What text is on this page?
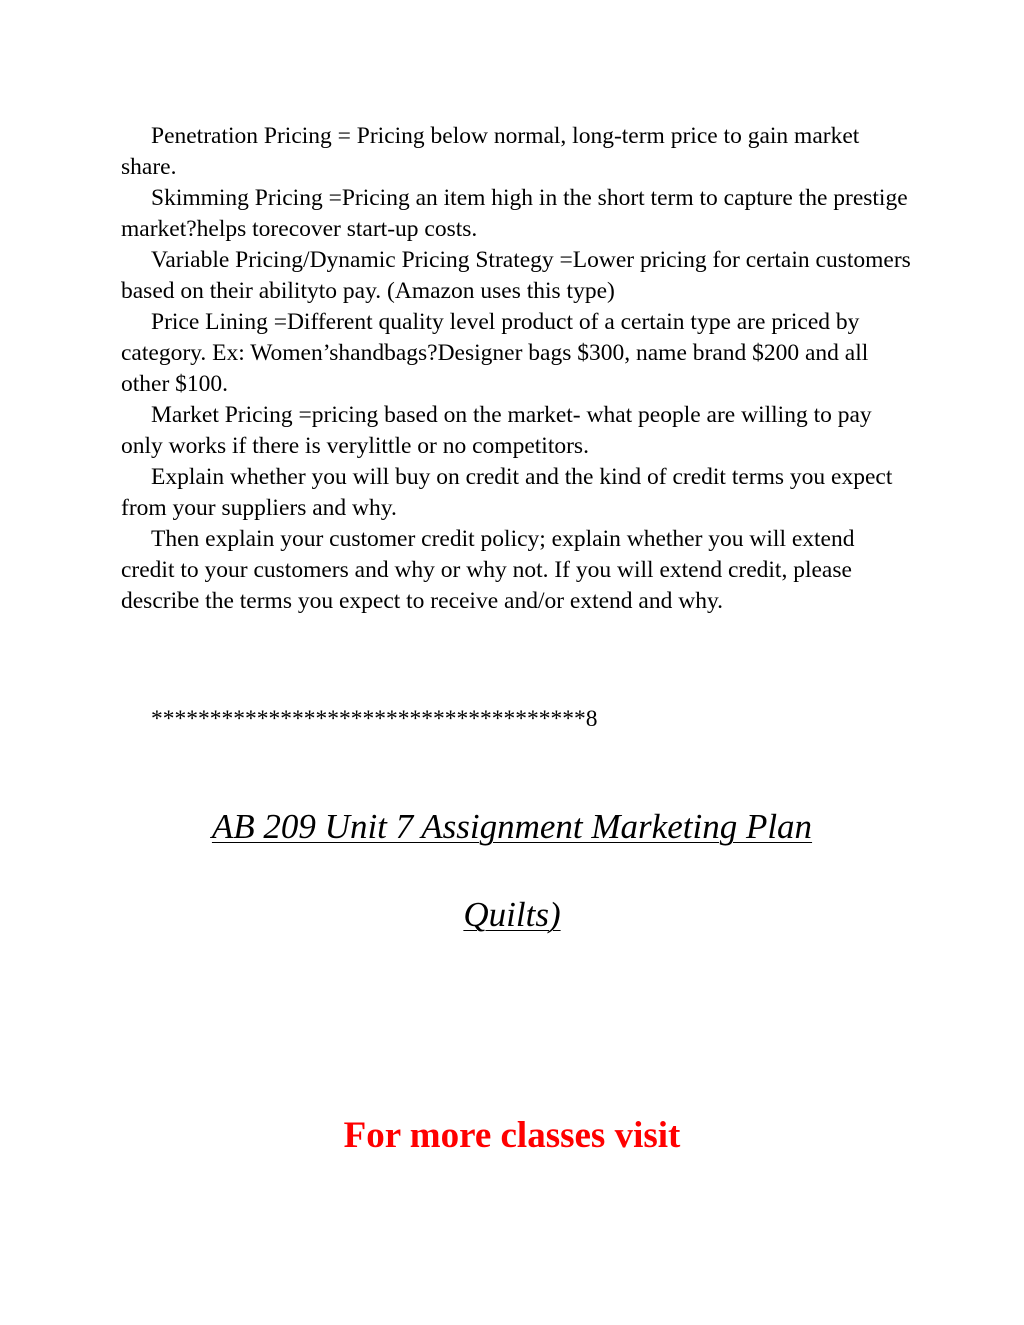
Penetration Pricing = Pricing below normal, long-term price to gain market share.

Skimming Pricing =Pricing an item high in the short term to capture the prestige market?helps torecover start-up costs.

Variable Pricing/Dynamic Pricing Strategy =Lower pricing for certain customers based on their abilityto pay. (Amazon uses this type)

Price Lining =Different quality level product of a certain type are priced by category. Ex: Women’shandbags?Designer bags $300, name brand $200 and all other $100.

Market Pricing =pricing based on the market- what people are willing to pay only works if there is verylittle or no competitors.

Explain whether you will buy on credit and the kind of credit terms you expect from your suppliers and why.

Then explain your customer credit policy; explain whether you will extend credit to your customers and why or why not. If you will extend credit, please describe the terms you expect to receive and/or extend and why.

*************************************8
AB 209 Unit 7 Assignment Marketing Plan
Quilts)
For more classes visit
